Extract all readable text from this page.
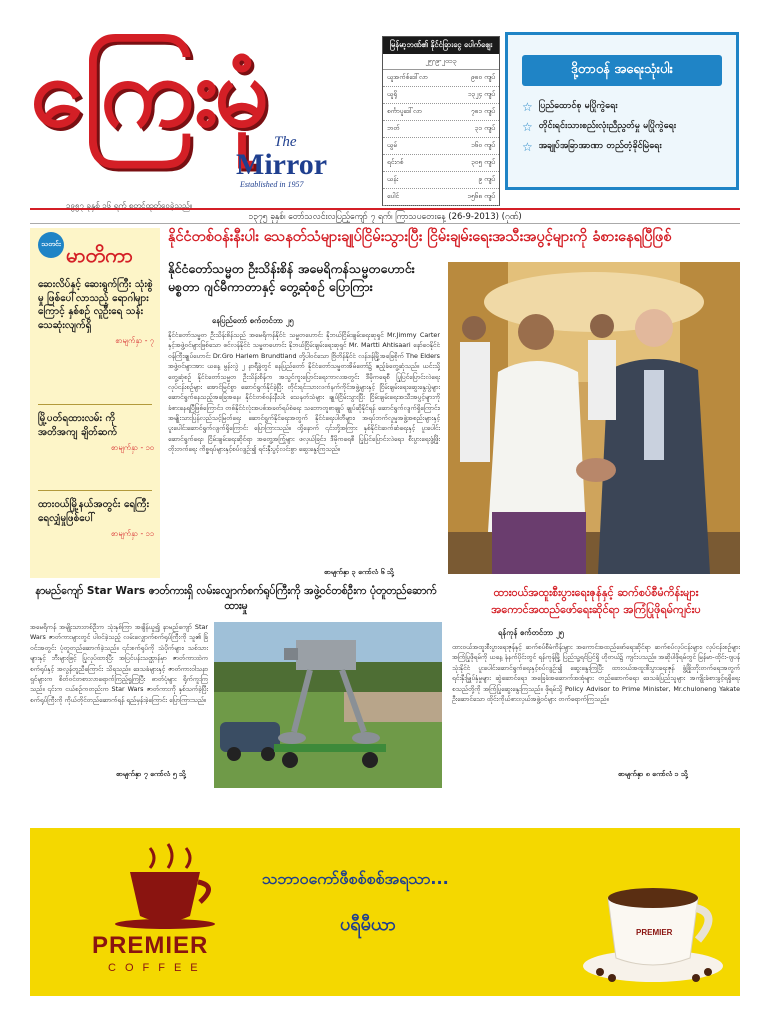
ကြေးမုံ The
Mirror
Established in 1957
၁၉၅၇ ခုနှစ် ၁၆ ရက် စတင်ထုတ်ဝေခဲ့သည်။
မြန်မာ့ဘဏ်၏ နိုင်ငံခြားငွေ ပေါက်ဈေး
၂၅-၉-၂၀၁၃
ယူအက်စ်ဒေါ်လာ	၉၈၀ ကျပ်
ယူရို	၁၃၂၄ ကျပ်
စင်္ကာပူဒေါ်လာ	၇၈၁ ကျပ်
ဘတ်	၃၁ ကျပ်
ယွမ်	၁၆၀ ကျပ်
ရင်းဂစ်	၃၀၅ ကျပ်
ယန်း	၉ ကျပ်
ပေါင်	၁၅၆၈ ကျပ်
ဒို့တာဝန် အရေးသုံးပါး
☆ ပြည်ထောင်စု မပြိုကွဲရေး
☆ တိုင်းရင်းသားစည်းလုံးညီညွတ်မှု မပြိုကွဲရေး
☆ အချုပ်အခြာအာဏာ တည်တံ့ခိုင်မြဲရေး
၁၃၇၅ ခုနှစ်၊ တော်သလင်းလပြည့်ကျော် ၇ ရက်၊ ကြာသပတေးနေ့ (26-9-2013) (ဂုဏ်)
သတင်း မာတိကာ
ဆေးလိပ်နှင့် ဆေးရွက်ကြီး သုံးစွဲမှု ဖြစ်ပေါ်လာသည့် ရောဂါများကြောင့် နှစ်စဉ် လူဦးရေ သန်း သေဆုံးလျက်ရှိ
စာမျက်နှာ - ၇
မြို့ပတ်ရထားလမ်း ကိုအတိအကျ ချိတ်ဆက်
စာမျက်နှာ - ၁၀
ထားဝယ်မြို့နယ်အတွင်း ရေကြီးရေလျှံမှုဖြစ်ပေါ်
စာမျက်နှာ - ၁၁
နိုင်ငံတစ်ဝန်းနီးပါး သေနတ်သံများချုပ်ငြိမ်းသွားပြီး ငြိမ်းချမ်းရေးအသီးအပွင့်များကို ခံစားနေရပြီဖြစ်
နိုင်ငံတော်သမ္မတ ဦးသိန်းစိန် အမေရိကန်သမ္မတဟောင်း မစ္စတာ ဂျင်မီကာတာနှင့် တွေ့ဆုံစဉ် ပြောကြား
နေပြည်တော် စက်တင်ဘာ ၂၅
နိုင်ငံတော်သမ္မတ ဦးသိန်းစိန်သည် အမေရိကန်နိုင်ငံ သမ္မတဟောင်း နိုဘယ်ငြိမ်းချမ်းရေးဆုရှင် Mr.Jimmy Carter နှင့်အဖွဲ့ဝင်များဖြစ်သော ဖင်လန်နိုင်ငံ သမ္မတဟောင်း နိုဘယ်ငြိမ်းချမ်းရေးဆုရှင် Mr. Martti Ahtisaari နော်ဝေနိုင်ငံ ဝန်ကြီးချုပ်ဟောင်း Dr.Gro Harlem Brundtland တို့ပါဝင်သော ဗြိတိန်နိုင်ငံ လန်ဒန်မြို့အခြေစိုက် The Elders အဖွဲ့ဝင်များအား ယနေ့ မွန်းလွဲ ၂ နာရီခွဲတွင် နေပြည်တော် နိုင်ငံတော်သမ္မတအိမ်တော်၌ ဧည့်ခံတွေ့ဆုံသည်။ ယင်းသို့တွေ့ဆုံစဉ် နိုင်ငံတော်သမ္မတ ဦးသိန်းစိန်က အသွင်ကူးပြောင်းရေးကာလအတွင်း ဒီမိုကရေစီ ပြုပြင်ပြောင်းလဲရေး လုပ်ငန်းစဉ်များ အောင်မြင်စွာ ဆောင်ရွက်နိုင်ခဲ့ပြီး တိုင်းရင်းသားလက်နက်ကိုင်အဖွဲ့များနှင့် ငြိမ်းချမ်းရေးဆွေးနွေးပွဲများ ဆောင်ရွက်နေသည့်အခြေအနေ၊ နိုင်ငံတစ်ဝန်းနီးပါး သေနတ်သံများ ချုပ်ငြိမ်းသွားပြီး ငြိမ်းချမ်းရေးအသီးအပွင့်များကို ခံစားနေရပြီဖြစ်ကြောင်း၊ တစ်နိုင်ငံလုံးအပစ်အခတ်ရပ်စဲရေး သဘောတူစာချုပ် ချုပ်ဆိုနိုင်ရန် ဆောင်ရွက်လျက်ရှိကြောင်း၊ အမျိုးသားပြန်လည်သင့်မြတ်ရေး ဆောင်ရွက်နိုင်ရေးအတွက် နိုင်ငံရေးပါတီများ၊ အရပ်ဘက်လူမှုအဖွဲ့အစည်းများနှင့် ပူးပေါင်းဆောင်ရွက်လျက်ရှိကြောင်း ပြောကြားသည်။ ထို့နောက် ၎င်းတို့အကြား နှစ်နိုင်ငံဆက်ဆံရေးနှင့် ပူးပေါင်းဆောင်ရွက်ရေး၊ ငြိမ်းချမ်းရေးဆိုင်ရာ အတွေ့အကြုံများ ဖလှယ်ခြင်း၊ ဒီမိုကရေစီ ပြုပြင်ပြောင်းလဲရေး၊ စီးပွားရေးဖွံ့ဖြိုးတိုးတက်ရေး ကိစ္စရပ်များနှင့်စပ်လျဉ်း၍ ရင်းနှီးပွင့်လင်းစွာ ဆွေးနွေးကြသည်။
စာမျက်နှာ ၃ ကော်လံ ၆ သို့
နာမည်ကျော် Star Wars ဇာတ်ကားရှိ လမ်းလျှောက်စက်ရုပ်ကြီးကို အဖွဲ့ဝင်တစ်ဦးက ပုံတူတည်ဆောက်ထားမှု
အမေရိကန် အမျိုးသားတစ်ဦးက သုံးနှစ်ကြာ အချိန်ယူ၍ နာမည်ကျော် Star Wars ဇာတ်ကားများတွင် ပါဝင်ခဲ့သည့် လမ်းလျှောက်စက်ရုပ်ကြီးကို သူ၏ ခြံဝင်းအတွင်း ပုံတူတည်ဆောက်ခဲ့သည်။ ၎င်းစက်ရုပ်ကို သံပိုက်များ၊ သစ်သားများနှင့် ဘီးများဖြင့် ပြုလုပ်ထားပြီး အပြင်ပန်းသဏ္ဌာန်မှာ ဇာတ်ကားထဲက စက်ရုပ်နှင့် အလွန်တူညီကြောင်း သိရသည်။ ဒေသခံများနှင့် ဇာတ်ကားဝါသနာရှင်များက စိတ်ဝင်တစားလာရောက်ကြည့်ရှုကြပြီး ဓာတ်ပုံများ ရိုက်ကူးကြသည်။ ၎င်းက ငယ်စဉ်ကတည်းက Star Wars ဇာတ်ကားကို နှစ်သက်ခဲ့ပြီး စက်ရုပ်ကြီးကို ကိုယ်တိုင်တည်ဆောက်ရန် ရည်မှန်းခဲ့ကြောင်း ပြောကြားသည်။
စာမျက်နှာ ၇ ကော်လံ ၅ သို့
ထားဝယ်အထူးစီးပွားရေးဇုန်နှင့် ဆက်စပ်စီမံကိန်းများ အကောင်အထည်ဖော်ရေးဆိုင်ရာ အကြံပြုဖိုရမ်ကျင်းပ
ရန်ကုန် စက်တင်ဘာ ၂၅
ထားဝယ်အထူးစီးပွားရေးဇုန်နှင့် ဆက်စပ်စီမံကိန်းများ အကောင်အထည်ဖော်ရေးဆိုင်ရာ ဆက်စပ်လုပ်ငန်းများ၊ လုပ်ငန်းစဉ်များ အကြံပြုဖိုရမ်ကို ယနေ့ နံနက်ပိုင်းတွင် ရန်ကုန်မြို့ ပြည်သူ့ရင်ပြင်ရှိ ဟိုတယ်၌ ကျင်းပသည်။ အဆိုပါဖိုရမ်တွင် မြန်မာ-ထိုင်း-ဂျပန် သုံးနိုင်ငံ ပူးပေါင်းဆောင်ရွက်ရေးနှင့်စပ်လျဉ်း၍ ဆွေးနွေးကြပြီး ထားဝယ်အထူးစီးပွားရေးဇုန် ဖွံ့ဖြိုးတိုးတက်ရေးအတွက် ရင်းနှီးမြှုပ်နှံမှုများ ဆွဲဆောင်ရေး၊ အခြေခံအဆောက်အအုံများ တည်ဆောက်ရေး၊ ဒေသခံပြည်သူများ အကျိုးခံစားခွင့်ရရှိရေး စသည်တို့ကို အကြံပြုဆွေးနွေးကြသည်။ ဖိုရမ်သို့ Policy Advisor to Prime Minister, Mr.chuloneng Yakate ဦးဆောင်သော ထိုင်းကိုယ်စားလှယ်အဖွဲ့ဝင်များ တက်ရောက်ကြသည်။
စာမျက်နှာ ၈ ကော်လံ ၁ သို့
PREMIER
COFFEE
သဘာဝကော်ဖီစစ်စစ်အရသာ...
ပရီမီယာ	PREMIER
